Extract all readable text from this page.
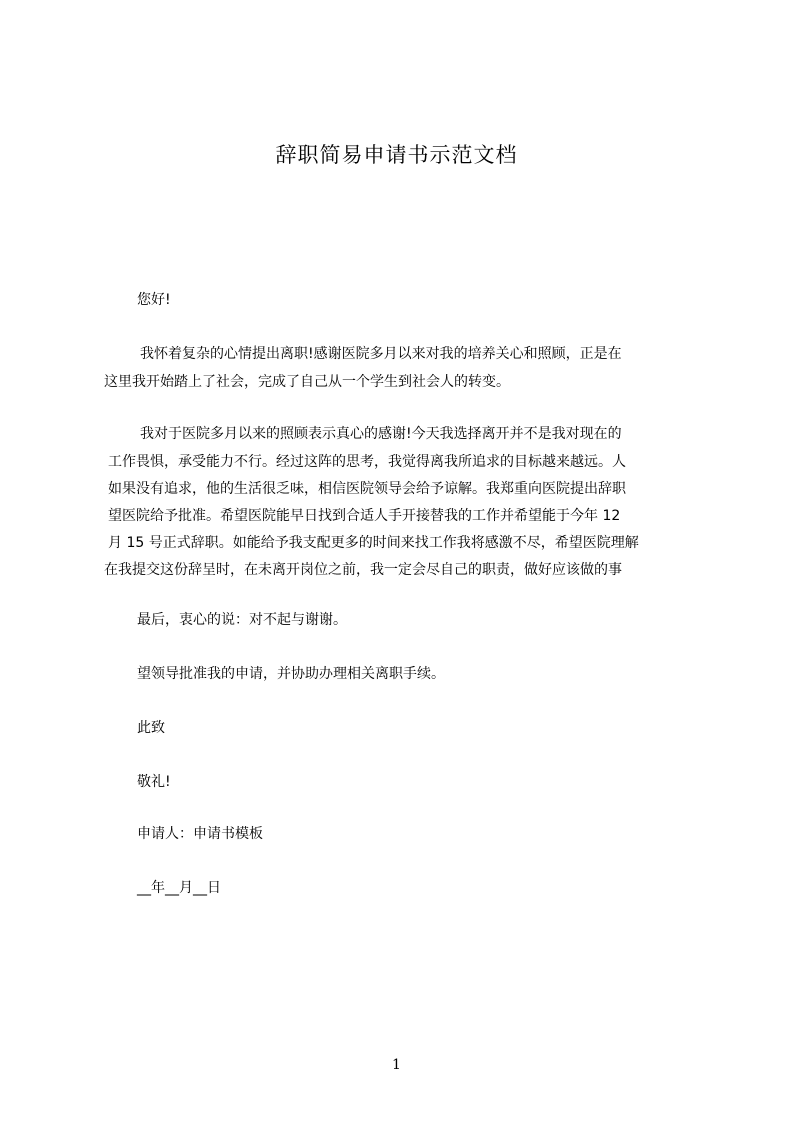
辞职简易申请书示范文档
您好!
我怀着复杂的心情提出离职!感谢医院多月以来对我的培养关心和照顾，正是在
这里我开始踏上了社会，完成了自己从一个学生到社会人的转变。
我对于医院多月以来的照顾表示真心的感谢!今天我选择离开并不是我对现在的
工作畏惧，承受能力不行。经过这阵的思考，我觉得离我所追求的目标越来越远。人
如果没有追求，他的生活很乏味，相信医院领导会给予谅解。我郑重向医院提出辞职
望医院给予批准。希望医院能早日找到合适人手开接替我的工作并希望能于今年 12
月 15 号正式辞职。如能给予我支配更多的时间来找工作我将感激不尽，希望医院理解
在我提交这份辞呈时，在未离开岗位之前，我一定会尽自己的职责，做好应该做的事
最后，衷心的说：对不起与谢谢。
望领导批准我的申请，并协助办理相关离职手续。
此致
敬礼!
申请人：申请书模板
__年__月__日
1
